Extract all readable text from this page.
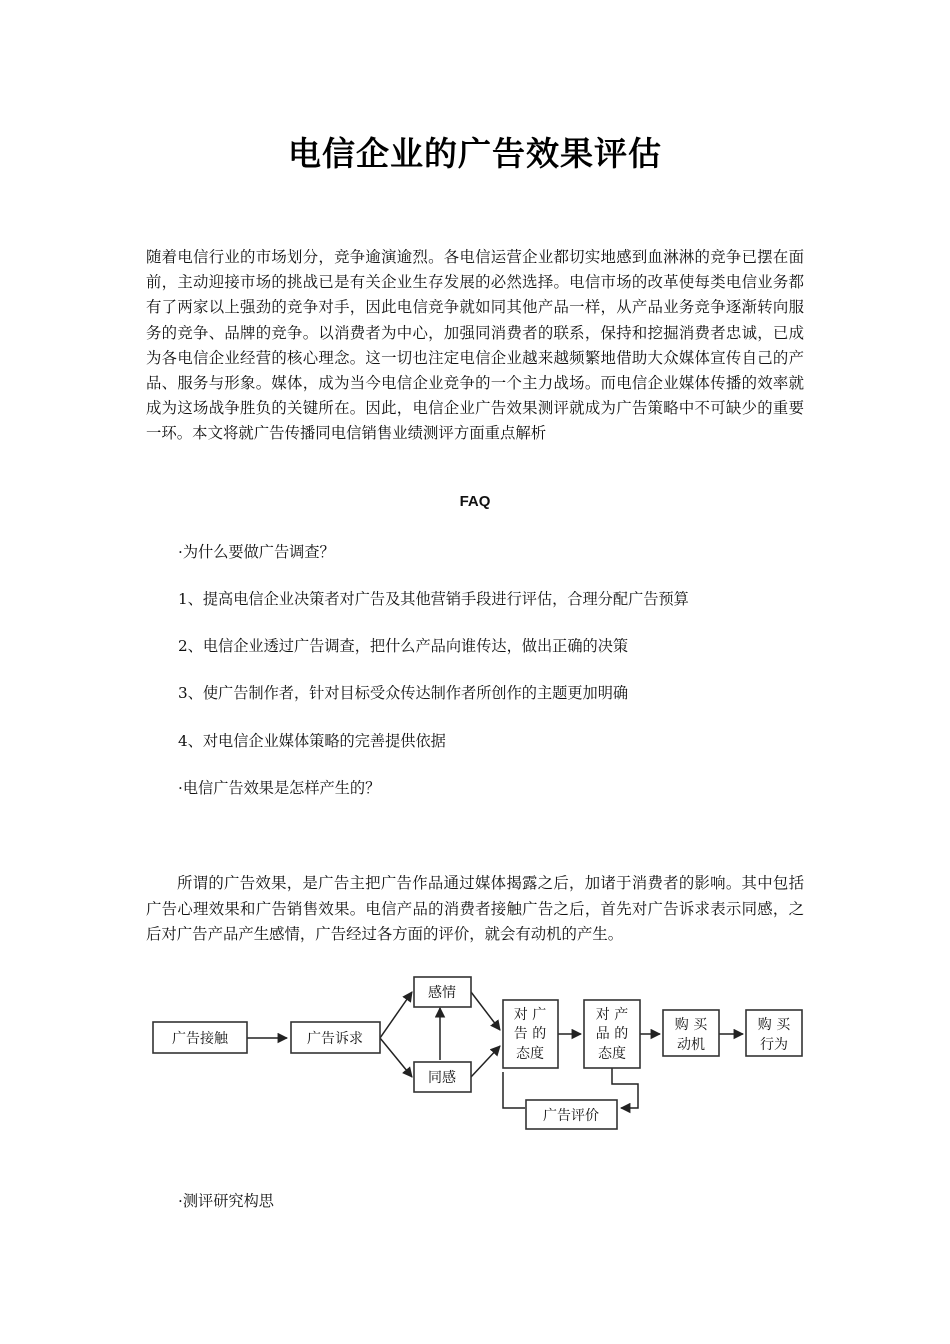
电信企业的广告效果评估

随着电信行业的市场划分，竞争逾演逾烈。各电信运营企业都切实地感到血淋淋的竞争已摆在面前，主动迎接市场的挑战已是有关企业生存发展的必然选择。电信市场的改革使每类电信业务都有了两家以上强劲的竞争对手，因此电信竞争就如同其他产品一样，从产品业务竞争逐渐转向服务的竞争、品牌的竞争。以消费者为中心，加强同消费者的联系，保持和挖掘消费者忠诚，已成为各电信企业经营的核心理念。这一切也注定电信企业越来越频繁地借助大众媒体宣传自己的产品、服务与形象。媒体，成为当今电信企业竞争的一个主力战场。而电信企业媒体传播的效率就成为这场战争胜负的关键所在。因此，电信企业广告效果测评就成为广告策略中不可缺少的重要一环。本文将就广告传播同电信销售业绩测评方面重点解析

FAQ

·为什么要做广告调查？

1、提高电信企业决策者对广告及其他营销手段进行评估，合理分配广告预算

2、电信企业透过广告调查，把什么产品向谁传达，做出正确的决策

3、使广告制作者，针对目标受众传达制作者所创作的主题更加明确

4、对电信企业媒体策略的完善提供依据

·电信广告效果是怎样产生的？

所谓的广告效果，是广告主把广告作品通过媒体揭露之后，加诸于消费者的影响。其中包括广告心理效果和广告销售效果。电信产品的消费者接触广告之后，首先对广告诉求表示同感，之后对广告产品产生感情，广告经过各方面的评价，就会有动机的产生。

广告接触	广告诉求
感情
同感
对 广
告 的
态度
对 产
品 的
态度
购 买
动机
购 买
行为
广告评价

·测评研究构思
